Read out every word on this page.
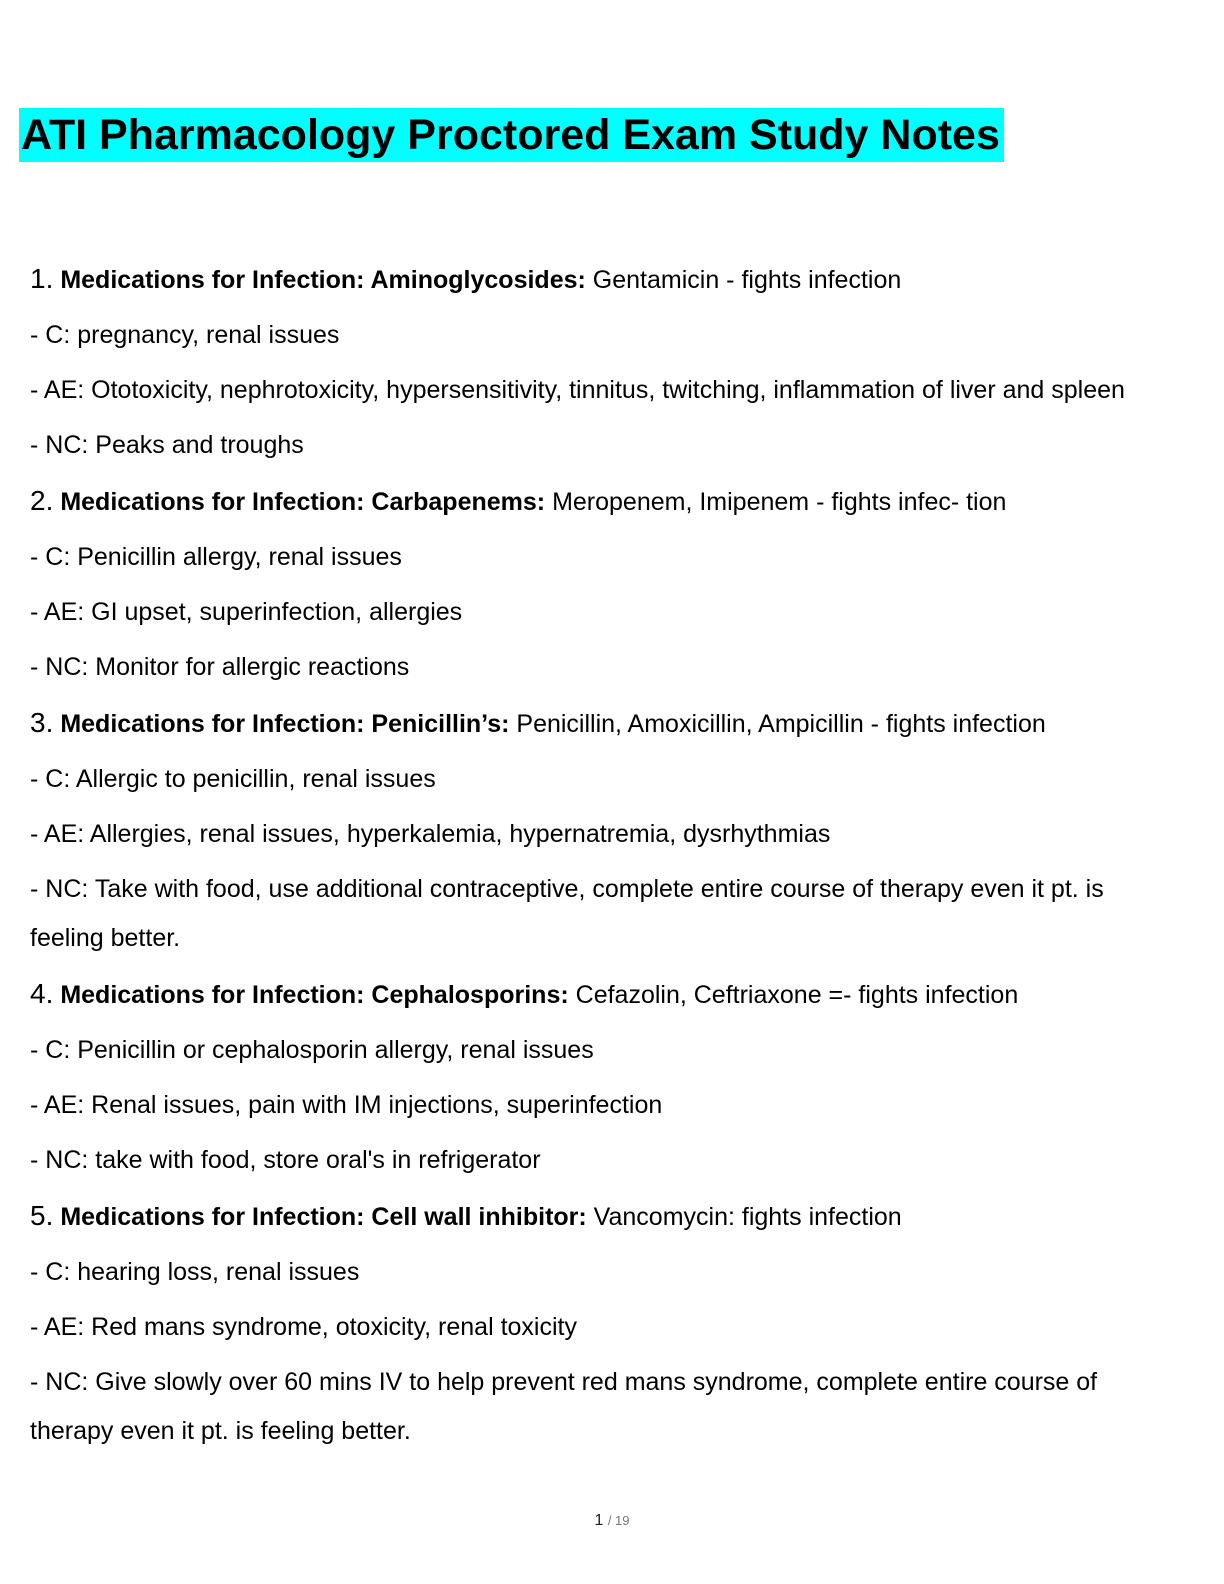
ATI Pharmacology Proctored Exam Study Notes
1. Medications for Infection: Aminoglycosides: Gentamicin - fights infection
- C: pregnancy, renal issues
- AE: Ototoxicity, nephrotoxicity, hypersensitivity, tinnitus, twitching, inflammation of liver and spleen
- NC: Peaks and troughs
2. Medications for Infection: Carbapenems: Meropenem, Imipenem - fights infec- tion
- C: Penicillin allergy, renal issues
- AE: GI upset, superinfection, allergies
- NC: Monitor for allergic reactions
3. Medications for Infection: Penicillin’s: Penicillin, Amoxicillin, Ampicillin - fights infection
- C: Allergic to penicillin, renal issues
- AE: Allergies, renal issues, hyperkalemia, hypernatremia, dysrhythmias
- NC: Take with food, use additional contraceptive, complete entire course of therapy even it pt. is feeling better.
4. Medications for Infection: Cephalosporins: Cefazolin, Ceftriaxone =- fights infection
- C: Penicillin or cephalosporin allergy, renal issues
- AE: Renal issues, pain with IM injections, superinfection
- NC: take with food, store oral's in refrigerator
5. Medications for Infection: Cell wall inhibitor: Vancomycin: fights infection
- C: hearing loss, renal issues
- AE: Red mans syndrome, otoxicity, renal toxicity
- NC: Give slowly over 60 mins IV to help prevent red mans syndrome, complete entire course of therapy even it pt. is feeling better.
1 / 19
